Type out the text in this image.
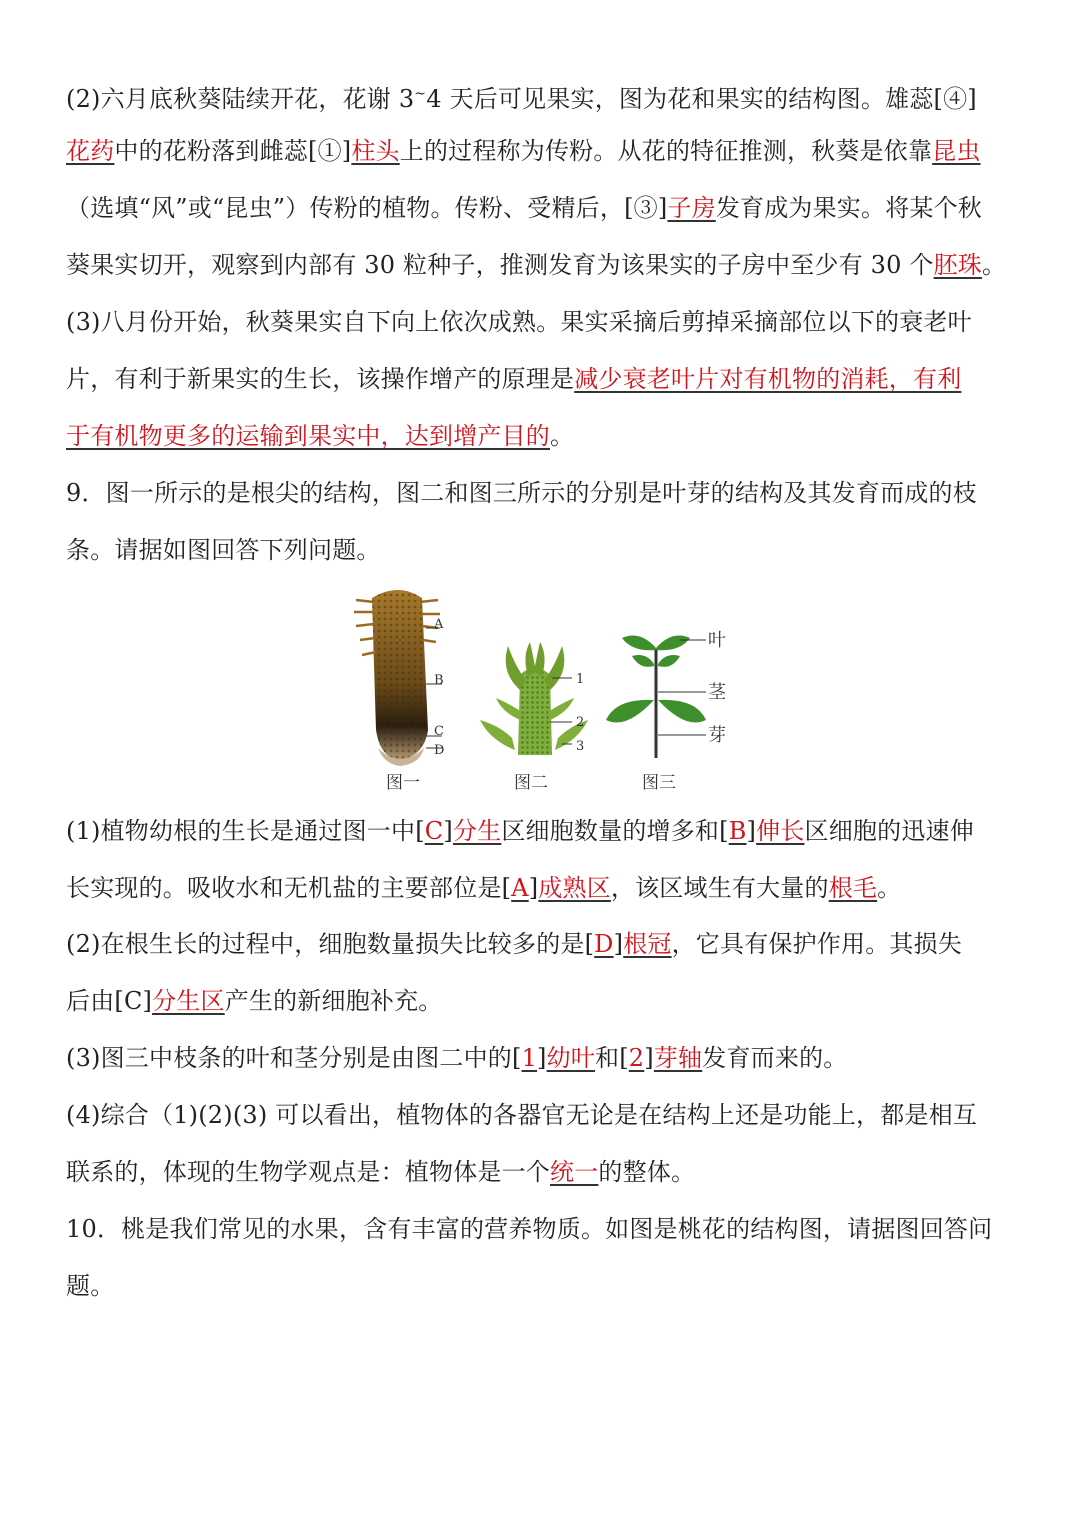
(2)六月底秋葵陆续开花，花谢 3~4 天后可见果实，图为花和果实的结构图。雄蕊[④]
花药中的花粉落到雌蕊[①]柱头上的过程称为传粉。从花的特征推测，秋葵是依靠昆虫
（选填“风”或“昆虫”）传粉的植物。传粉、受精后，[③]子房发育成为果实。将某个秋
葵果实切开，观察到内部有 30 粒种子，推测发育为该果实的子房中至少有 30 个胚珠。
(3)八月份开始，秋葵果实自下向上依次成熟。果实采摘后剪掉采摘部位以下的衰老叶
片，有利于新果实的生长，该操作增产的原理是减少衰老叶片对有机物的消耗，有利
于有机物更多的运输到果实中，达到增产目的。
9．图一所示的是根尖的结构，图二和图三所示的分别是叶芽的结构及其发育而成的枝
条。请据如图回答下列问题。
A
B
C
D
图一
1
2
3
图二
叶
茎
芽
图三
(1)植物幼根的生长是通过图一中[C]分生区细胞数量的增多和[B]伸长区细胞的迅速伸
长实现的。吸收水和无机盐的主要部位是[A]成熟区，该区域生有大量的根毛。
(2)在根生长的过程中，细胞数量损失比较多的是[D]根冠，它具有保护作用。其损失
后由[C]分生区产生的新细胞补充。
(3)图三中枝条的叶和茎分别是由图二中的[1]幼叶和[2]芽轴发育而来的。
(4)综合（1)(2)(3) 可以看出，植物体的各器官无论是在结构上还是功能上，都是相互
联系的，体现的生物学观点是：植物体是一个统一的整体。
10．桃是我们常见的水果，含有丰富的营养物质。如图是桃花的结构图，请据图回答问
题。
